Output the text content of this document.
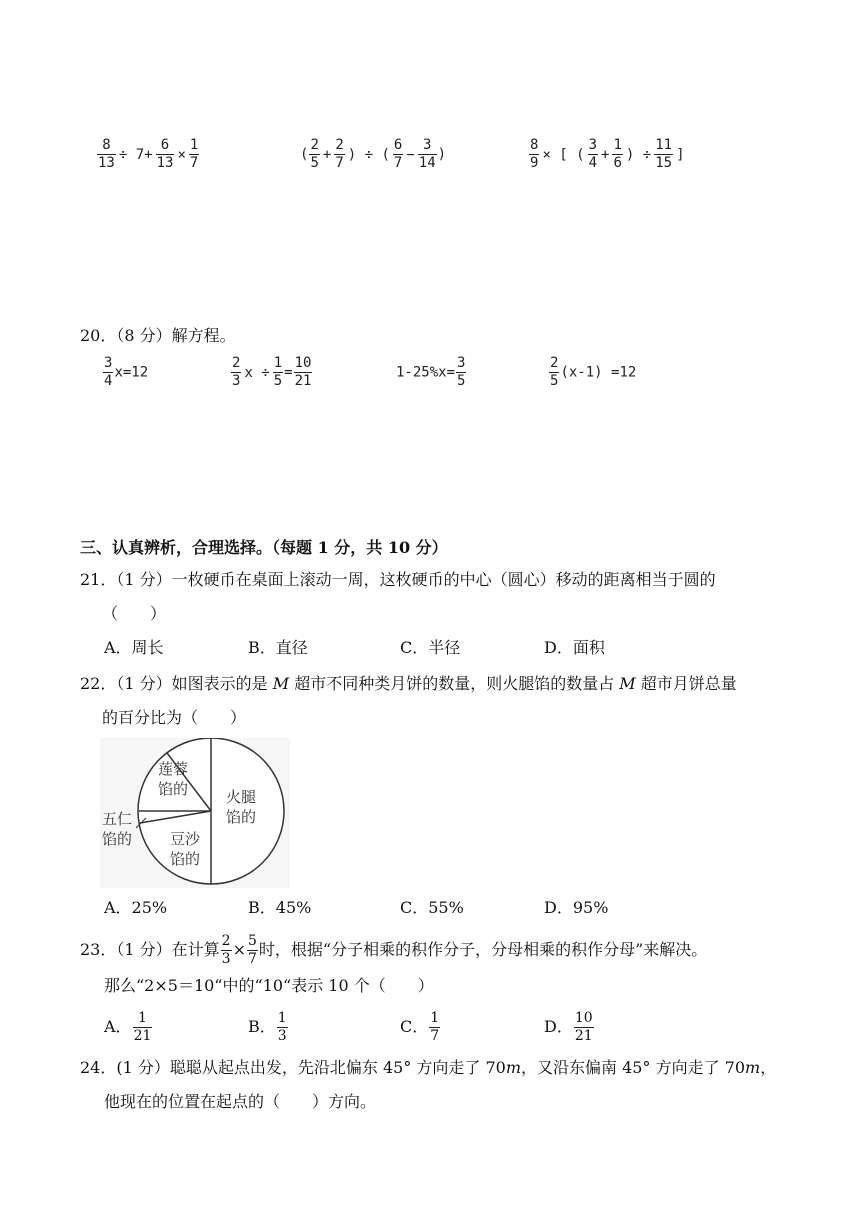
$\frac{8}{13} \div 7+ \frac{6}{13} \times \frac{1}{7}$	( $\frac{2}{5} + \frac{2}{7}$ ) ÷ ( $\frac{6}{7} - \frac{3}{14}$ )	$\frac{8}{9}$ × [ ( $\frac{3}{4} + \frac{1}{6}$ ) ÷ $\frac{11}{15}$ ]
20．（8 分）解方程。
$\frac{3}{4} x=12$	$\frac{2}{3}$ $x \div \frac{1}{5} = \frac{10}{21}$	$1-25\%x= \frac{3}{5}$	$\frac{2}{5} (x-1) =12$
三、认真辨析，合理选择。（每题 1 分，共 10 分）
21．（1 分）一枚硬币在桌面上滚动一周，这枚硬币的中心（圆心）移动的距离相当于圆的
（　　）
A．周长	B．直径	C．半径	D．面积
22．（1 分）如图表示的是 M 超市不同种类月饼的数量，则火腿馅的数量占 M 超市月饼总量
的百分比为（　　）
莲蓉
馅的	火腿
馅的
五仁
馅的	豆沙
馅的
A．25%	B．45%	C．55%	D．95%
23．（1 分）在计算 $\frac{2}{3} \times \frac{5}{7}$ 时，根据“分子相乘的积作分子，分母相乘的积作分母”来解决。
那么“2×5＝10“中的“10“表示 10 个（　　）
A． $\frac{1}{21}$	B． $\frac{1}{3}$	C． $\frac{1}{7}$	D． $\frac{10}{21}$
24．(1 分）聪聪从起点出发，先沿北偏东 45° 方向走了 70m，又沿东偏南 45° 方向走了 70m，
他现在的位置在起点的（　　）方向。
